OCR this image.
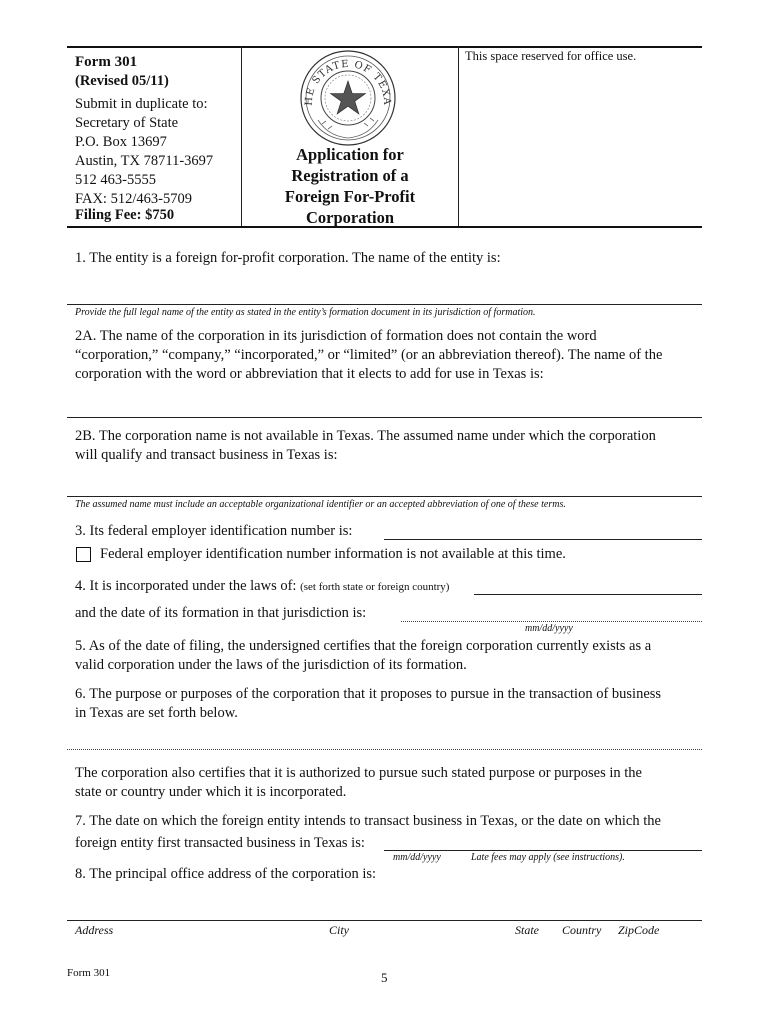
Form 301
(Revised 05/11)
Submit in duplicate to:
Secretary of State
P.O. Box 13697
Austin, TX 78711-3697
512 463-5555
FAX: 512/463-5709
Filing Fee: $750
HE STATE OF TEXA
Application for
Registration of a
Foreign For-Profit
Corporation
This space reserved for office use.
1. The entity is a foreign for-profit corporation. The name of the entity is:
Provide the full legal name of the entity as stated in the entity’s formation document in its jurisdiction of formation.
2A. The name of the corporation in its jurisdiction of formation does not contain the word
“corporation,” “company,” “incorporated,” or “limited” (or an abbreviation thereof). The name of the
corporation with the word or abbreviation that it elects to add for use in Texas is:
2B. The corporation name is not available in Texas. The assumed name under which the corporation
will qualify and transact business in Texas is:
The assumed name must include an acceptable organizational identifier or an accepted abbreviation of one of these terms.
3. Its federal employer identification number is:
Federal employer identification number information is not available at this time.
4. It is incorporated under the laws of: (set forth state or foreign country)
and the date of its formation in that jurisdiction is:
mm/dd/yyyy
5. As of the date of filing, the undersigned certifies that the foreign corporation currently exists as a
valid corporation under the laws of the jurisdiction of its formation.
6. The purpose or purposes of the corporation that it proposes to pursue in the transaction of business
in Texas are set forth below.
The corporation also certifies that it is authorized to pursue such stated purpose or purposes in the
state or country under which it is incorporated.
7. The date on which the foreign entity intends to transact business in Texas, or the date on which the
foreign entity first transacted business in Texas is:
mm/dd/yyyy	Late fees may apply (see instructions).
8. The principal office address of the corporation is:
Address	City	State Country ZipCode
Form 301	5
